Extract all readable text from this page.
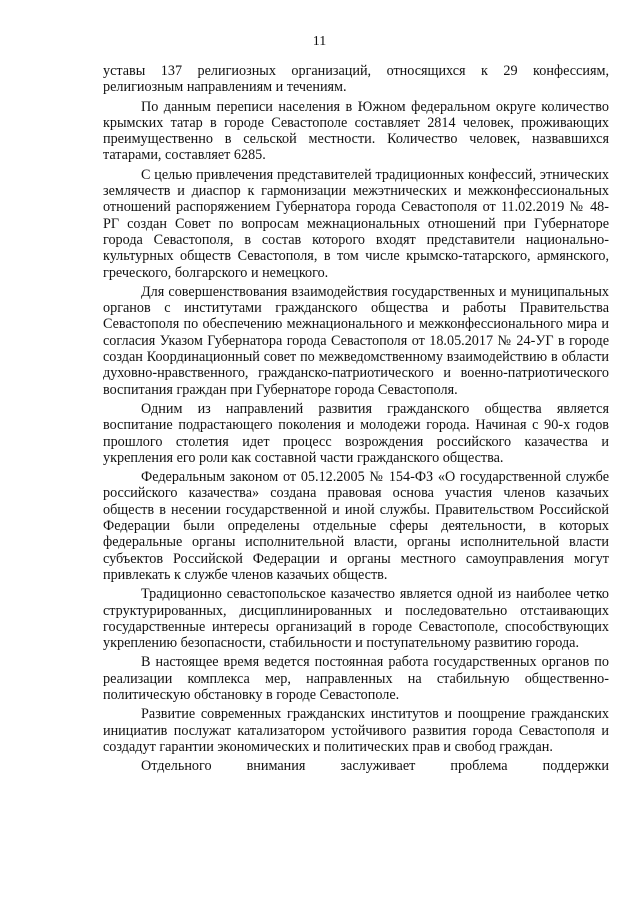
11

уставы 137 религиозных организаций, относящихся к 29 конфессиям, религиозным направлениям и течениям.

По данным переписи населения в Южном федеральном округе количество крымских татар в городе Севастополе составляет 2814 человек, проживающих преимущественно в сельской местности. Количество человек, назвавшихся татарами, составляет 6285.

С целью привлечения представителей традиционных конфессий, этнических землячеств и диаспор к гармонизации межэтнических и межконфессиональных отношений распоряжением Губернатора города Севастополя от 11.02.2019 № 48-РГ создан Совет по вопросам межнациональных отношений при Губернаторе города Севастополя, в состав которого входят представители национально-культурных обществ Севастополя, в том числе крымско-татарского, армянского, греческого, болгарского и немецкого.

Для совершенствования взаимодействия государственных и муниципальных органов с институтами гражданского общества и работы Правительства Севастополя по обеспечению межнационального и межконфессионального мира и согласия Указом Губернатора города Севастополя от 18.05.2017 № 24-УГ в городе создан Координационный совет по межведомственному взаимодействию в области духовно-нравственного, гражданско-патриотического и военно-патриотического воспитания граждан при Губернаторе города Севастополя.

Одним из направлений развития гражданского общества является воспитание подрастающего поколения и молодежи города. Начиная с 90-х годов прошлого столетия идет процесс возрождения российского казачества и укрепления его роли как составной части гражданского общества.

Федеральным законом от 05.12.2005 № 154-ФЗ «О государственной службе российского казачества» создана правовая основа участия членов казачьих обществ в несении государственной и иной службы. Правительством Российской Федерации были определены отдельные сферы деятельности, в которых федеральные органы исполнительной власти, органы исполнительной власти субъектов Российской Федерации и органы местного самоуправления могут привлекать к службе членов казачьих обществ.

Традиционно севастопольское казачество является одной из наиболее четко структурированных, дисциплинированных и последовательно отстаивающих государственные интересы организаций в городе Севастополе, способствующих укреплению безопасности, стабильности и поступательному развитию города.

В настоящее время ведется постоянная работа государственных органов по реализации комплекса мер, направленных на стабильную общественно-политическую обстановку в городе Севастополе.

Развитие современных гражданских институтов и поощрение гражданских инициатив послужат катализатором устойчивого развития города Севастополя и создадут гарантии экономических и политических прав и свобод граждан.

Отдельного внимания заслуживает проблема поддержки
